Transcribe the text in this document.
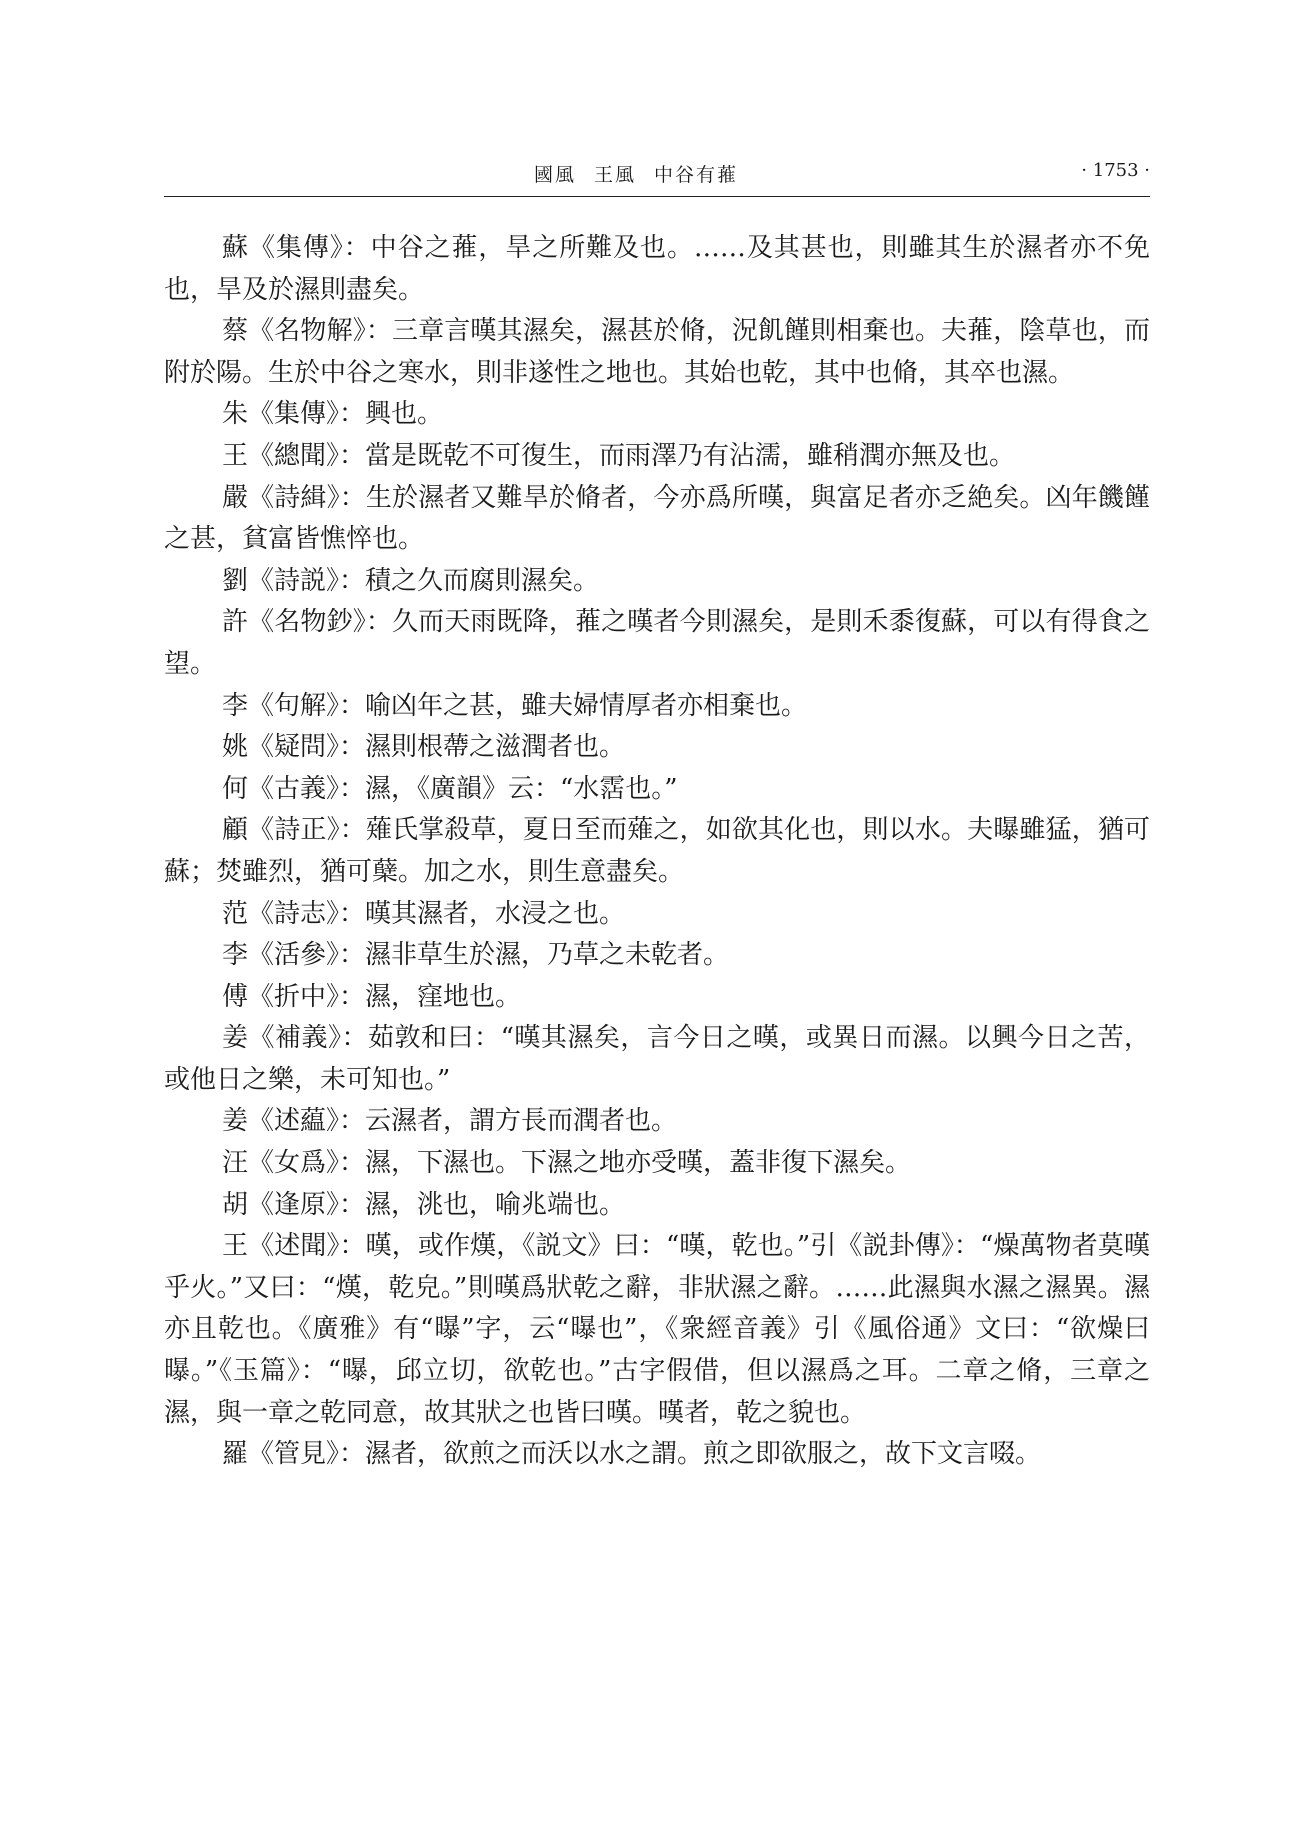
國風 王風 中谷有蓷	· 1753 ·

蘇《集傳》：中谷之蓷，旱之所難及也。……及其甚也，則雖其生於濕者亦不免也，旱及於濕則盡矣。

蔡《名物解》：三章言暵其濕矣，濕甚於脩，況飢饉則相棄也。夫蓷，陰草也，而附於陽。生於中谷之寒水，則非遂性之地也。其始也乾，其中也脩，其卒也濕。

朱《集傳》：興也。

王《總聞》：當是既乾不可復生，而雨澤乃有沾濡，雖稍潤亦無及也。

嚴《詩緝》：生於濕者又難旱於脩者，今亦爲所暵，與富足者亦乏絶矣。凶年饑饉之甚，貧富皆憔悴也。

劉《詩説》：積之久而腐則濕矣。

許《名物鈔》：久而天雨既降，蓷之暵者今則濕矣，是則禾黍復蘇，可以有得食之望。

李《句解》：喻凶年之甚，雖夫婦情厚者亦相棄也。

姚《疑問》：濕則根蔕之滋潤者也。

何《古義》：濕，《廣韻》云：“水霑也。”

顧《詩正》：薙氏掌殺草，夏日至而薙之，如欲其化也，則以水。夫曝雖猛，猶可蘇；焚雖烈，猶可蘖。加之水，則生意盡矣。

范《詩志》：暵其濕者，水浸之也。

李《活參》：濕非草生於濕，乃草之未乾者。

傅《折中》：濕，窪地也。

姜《補義》：茹敦和曰：“暵其濕矣，言今日之暵，或異日而濕。以興今日之苦，或他日之樂，未可知也。”

姜《述藴》：云濕者，謂方長而潤者也。

汪《女爲》：濕，下濕也。下濕之地亦受暵，蓋非復下濕矣。

胡《逢原》：濕，洮也，喻兆端也。

王《述聞》：暵，或作熯，《説文》曰：“暵，乾也。”引《説卦傳》：“燥萬物者莫暵乎火。”又曰：“熯，乾皃。”則暵爲狀乾之辭，非狀濕之辭。……此濕與水濕之濕異。濕亦且乾也。《廣雅》有“曝”字，云“曝也”，《衆經音義》引《風俗通》文曰：“欲燥曰曝。”《玉篇》：“曝，邱立切，欲乾也。”古字假借，但以濕爲之耳。二章之脩，三章之濕，與一章之乾同意，故其狀之也皆曰暵。暵者，乾之貌也。

羅《管見》：濕者，欲煎之而沃以水之謂。煎之即欲服之，故下文言啜。
